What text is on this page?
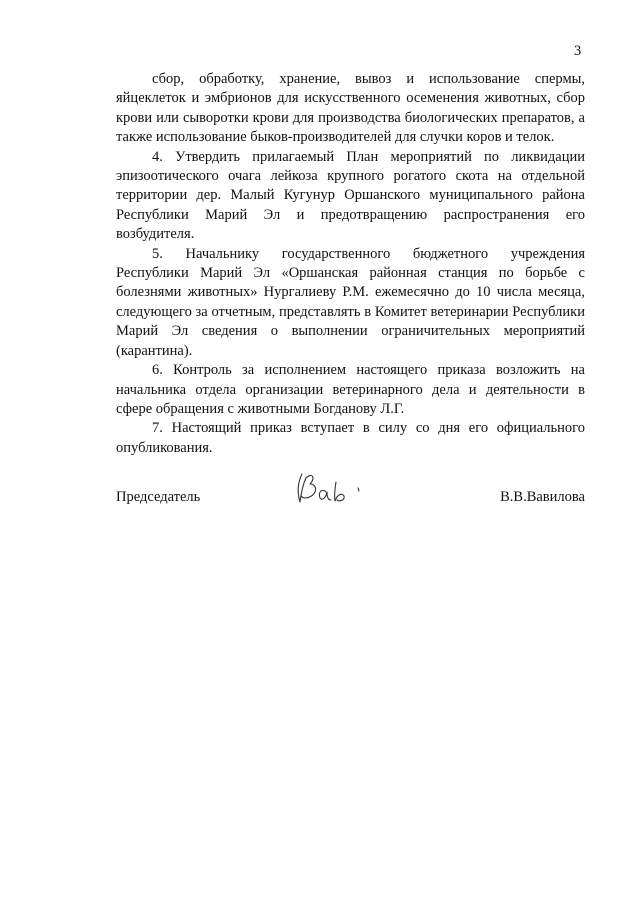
3

сбор, обработку, хранение, вывоз и использование спермы, яйцеклеток и эмбрионов для искусственного осеменения животных, сбор крови или сыворотки крови для производства биологических препаратов, а также использование быков-производителей для случки коров и телок.

4. Утвердить прилагаемый План мероприятий по ликвидации эпизоотического очага лейкоза крупного рогатого скота на отдельной территории дер. Малый Кугунур Оршанского муниципального района Республики Марий Эл и предотвращению распространения его возбудителя.

5. Начальнику государственного бюджетного учреждения Республики Марий Эл «Оршанская районная станция по борьбе с болезнями животных» Нургалиеву Р.М. ежемесячно до 10 числа месяца, следующего за отчетным, представлять в Комитет ветеринарии Республики Марий Эл сведения о выполнении ограничительных мероприятий (карантина).

6. Контроль за исполнением настоящего приказа возложить на начальника отдела организации ветеринарного дела и деятельности в сфере обращения с животными Богданову Л.Г.

7. Настоящий приказ вступает в силу со дня его официального опубликования.

Председатель	В.В.Вавилова
